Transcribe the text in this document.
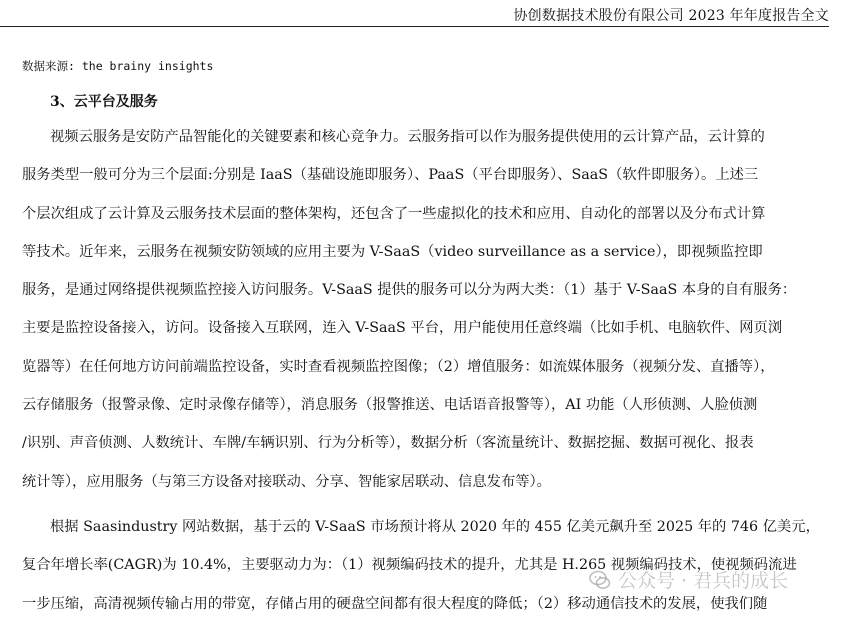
协创数据技术股份有限公司 2023 年年度报告全文
数据来源: the brainy insights
3、云平台及服务
视频云服务是安防产品智能化的关键要素和核心竞争力。云服务指可以作为服务提供使用的云计算产品，云计算的
服务类型一般可分为三个层面:分别是 IaaS（基础设施即服务）、PaaS（平台即服务）、SaaS（软件即服务）。上述三
个层次组成了云计算及云服务技术层面的整体架构，还包含了一些虚拟化的技术和应用、自动化的部署以及分布式计算
等技术。近年来，云服务在视频安防领域的应用主要为 V-SaaS（video surveillance as a service），即视频监控即
服务，是通过网络提供视频监控接入访问服务。V-SaaS 提供的服务可以分为两大类：（1）基于 V-SaaS 本身的自有服务：
主要是监控设备接入，访问。设备接入互联网，连入 V-SaaS 平台，用户能使用任意终端（比如手机、电脑软件、网页浏
览器等）在任何地方访问前端监控设备，实时查看视频监控图像；（2）增值服务：如流媒体服务（视频分发、直播等），
云存储服务（报警录像、定时录像存储等），消息服务（报警推送、电话语音报警等），AI 功能（人形侦测、人脸侦测
/识别、声音侦测、人数统计、车牌/车辆识别、行为分析等），数据分析（客流量统计、数据挖掘、数据可视化、报表
统计等），应用服务（与第三方设备对接联动、分享、智能家居联动、信息发布等）。
根据 Saasindustry 网站数据，基于云的 V-SaaS 市场预计将从 2020 年的 455 亿美元飙升至 2025 年的 746 亿美元，
复合年增长率(CAGR)为 10.4%，主要驱动力为：（1）视频编码技术的提升，尤其是 H.265 视频编码技术，使视频码流进
一步压缩，高清视频传输占用的带宽，存储占用的硬盘空间都有很大程度的降低；（2）移动通信技术的发展，使我们随
公众号 · 君兵的成长
